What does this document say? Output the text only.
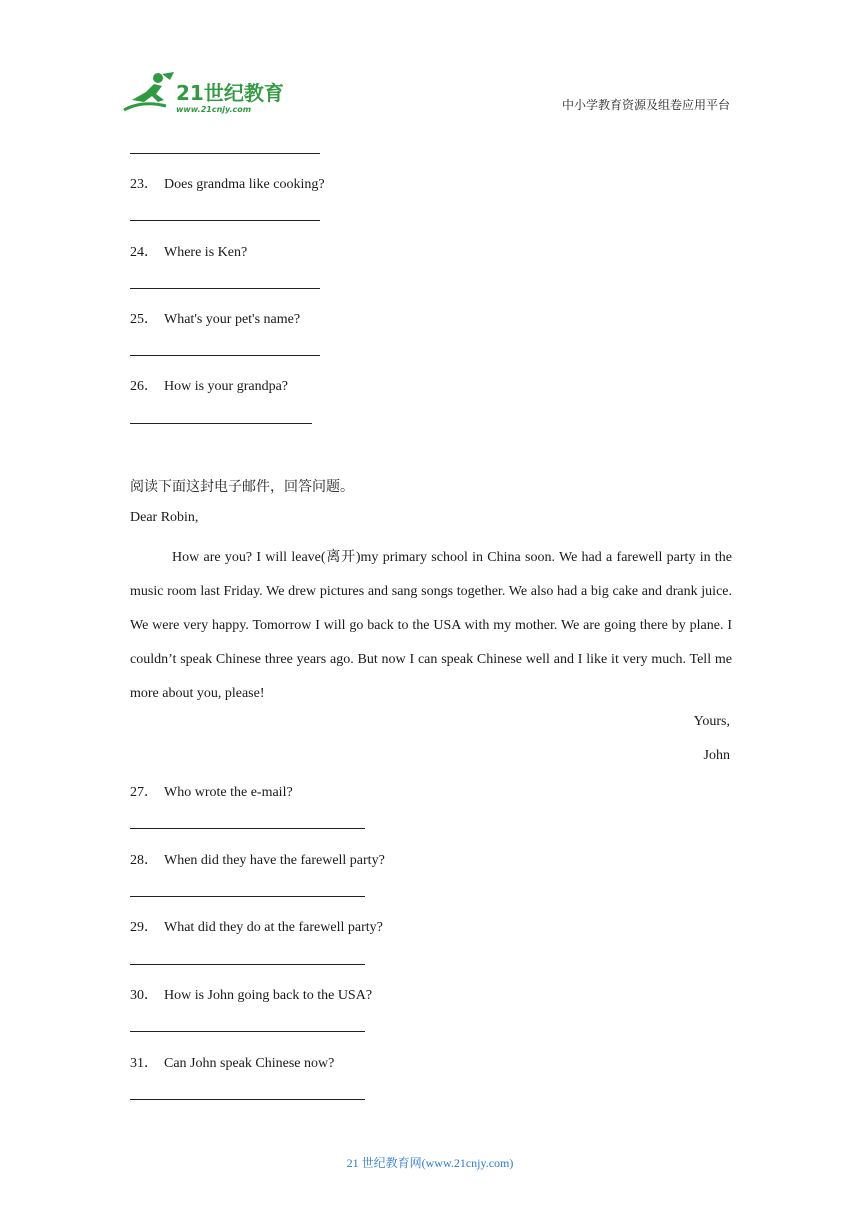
21世纪教育
www.21cnjy.com	中小学教育资源及组卷应用平台
23． Does grandma like cooking?
24． Where is Ken?
25． What's your pet's name?
26． How is your grandpa?
阅读下面这封电子邮件，回答问题。
Dear Robin,
How are you? I will leave(离开)my primary school in China soon. We had a farewell party in the music room last Friday. We drew pictures and sang songs together. We also had a big cake and drank juice. We were very happy. Tomorrow I will go back to the USA with my mother. We are going there by plane. I couldn’t speak Chinese three years ago. But now I can speak Chinese well and I like it very much. Tell me more about you, please!
Yours,
John
27． Who wrote the e-mail?
28． When did they have the farewell party?
29． What did they do at the farewell party?
30． How is John going back to the USA?
31． Can John speak Chinese now?
21 世纪教育网(www.21cnjy.com)
